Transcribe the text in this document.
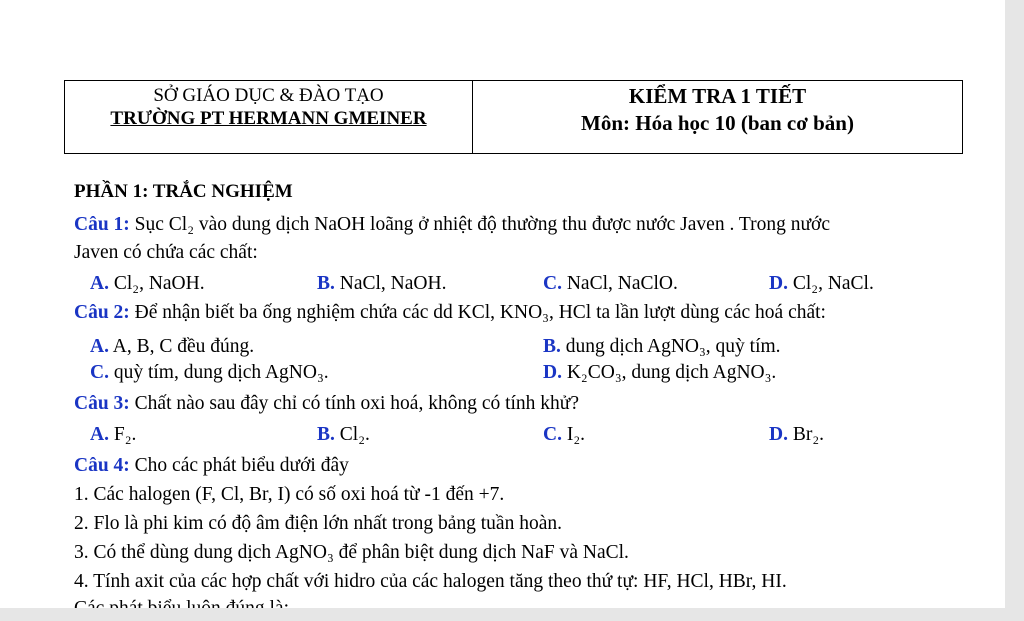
SỞ GIÁO DỤC & ĐÀO TẠO
TRƯỜNG PT HERMANN GMEINER
KIỂM TRA 1 TIẾT
Môn: Hóa học 10 (ban cơ bản)
PHẦN 1: TRẮC NGHIỆM
Câu 1: Sục Cl₂ vào dung dịch NaOH loãng ở nhiệt độ thường thu được nước Javen . Trong nước
Javen có chứa các chất:
A. Cl₂, NaOH.	B. NaCl, NaOH.	C. NaCl, NaClO.	D. Cl₂, NaCl.
Câu 2: Để nhận biết ba ống nghiệm chứa các dd KCl, KNO₃, HCl ta lần lượt dùng các hoá chất:
A. A, B, C đều đúng.	B. dung dịch AgNO₃, quỳ tím.
C. quỳ tím, dung dịch AgNO₃.	D. K₂CO₃, dung dịch AgNO₃.
Câu 3: Chất nào sau đây chỉ có tính oxi hoá, không có tính khử?
A. F₂.	B. Cl₂.	C. I₂.	D. Br₂.
Câu 4: Cho các phát biểu dưới đây
1. Các halogen (F, Cl, Br, I) có số oxi hoá từ -1 đến +7.
2. Flo là phi kim có độ âm điện lớn nhất trong bảng tuần hoàn.
3. Có thể dùng dung dịch AgNO₃ để phân biệt dung dịch NaF và NaCl.
4. Tính axit của các hợp chất với hidro của các halogen tăng theo thứ tự: HF, HCl, HBr, HI.
